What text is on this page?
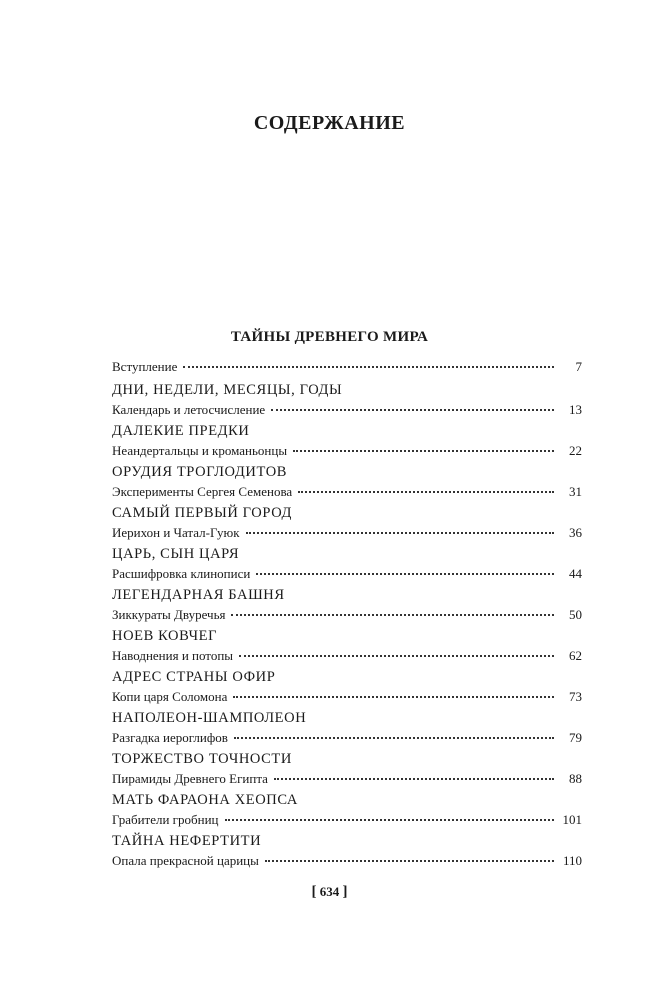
СОДЕРЖАНИЕ
ТАЙНЫ ДРЕВНЕГО МИРА
Вступление	7
ДНИ, НЕДЕЛИ, МЕСЯЦЫ, ГОДЫ
Календарь и летосчисление	13
ДАЛЕКИЕ ПРЕДКИ
Неандертальцы и кроманьонцы	22
ОРУДИЯ ТРОГЛОДИТОВ
Эксперименты Сергея Семенова	31
САМЫЙ ПЕРВЫЙ ГОРОД
Иерихон и Чатал-Гуюк	36
ЦАРЬ, СЫН ЦАРЯ
Расшифровка клинописи	44
ЛЕГЕНДАРНАЯ БАШНЯ
Зиккураты Двуречья	50
НОЕВ КОВЧЕГ
Наводнения и потопы	62
АДРЕС СТРАНЫ ОФИР
Копи царя Соломона	73
НАПОЛЕОН-ШАМПОЛЕОН
Разгадка иероглифов	79
ТОРЖЕСТВО ТОЧНОСТИ
Пирамиды Древнего Египта	88
МАТЬ ФАРАОНА ХЕОПСА
Грабители гробниц	101
ТАЙНА НЕФЕРТИТИ
Опала прекрасной царицы	110
[ 634 ]
